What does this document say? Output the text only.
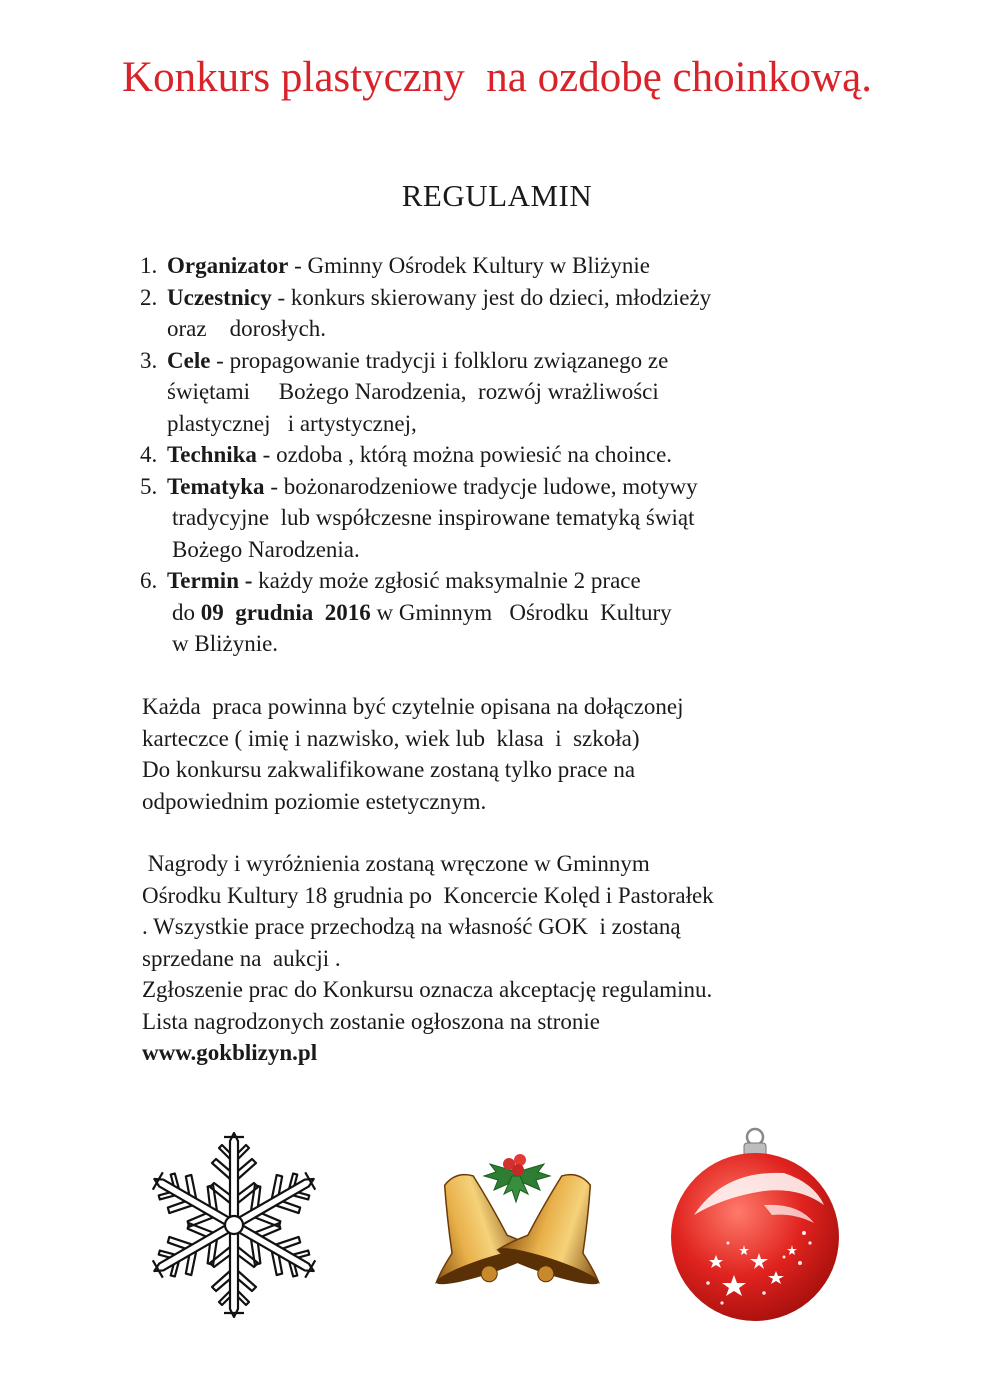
Konkurs plastyczny  na ozdobę choinkową.
REGULAMIN
1. Organizator - Gminny Ośrodek Kultury w Bliżynie
2. Uczestnicy - konkurs skierowany jest do dzieci, młodzieży
oraz    dorosłych.
3. Cele - propagowanie tradycji i folkloru związanego ze
świętami     Bożego Narodzenia,  rozwój wrażliwości
plastycznej   i artystycznej,
4. Technika - ozdoba , którą można powiesić na choince.
5. Tematyka - bożonarodzeniowe tradycje ludowe, motywy
tradycyjne  lub współczesne inspirowane tematyką świąt
Bożego Narodzenia.
6. Termin - każdy może zgłosić maksymalnie 2 prace
do 09  grudnia  2016 w Gminnym   Ośrodku  Kultury
w Bliżynie.
Każda  praca powinna być czytelnie opisana na dołączonej
karteczce ( imię i nazwisko, wiek lub  klasa  i  szkoła)
Do konkursu zakwalifikowane zostaną tylko prace na
odpowiednim poziomie estetycznym.
Nagrody i wyróżnienia zostaną wręczone w Gminnym
Ośrodku Kultury 18 grudnia po  Koncercie Kolęd i Pastorałek
. Wszystkie prace przechodzą na własność GOK  i zostaną
sprzedane na  aukcji .
Zgłoszenie prac do Konkursu oznacza akceptację regulaminu.
Lista nagrodzonych zostanie ogłoszona na stronie
www.gokblizyn.pl
